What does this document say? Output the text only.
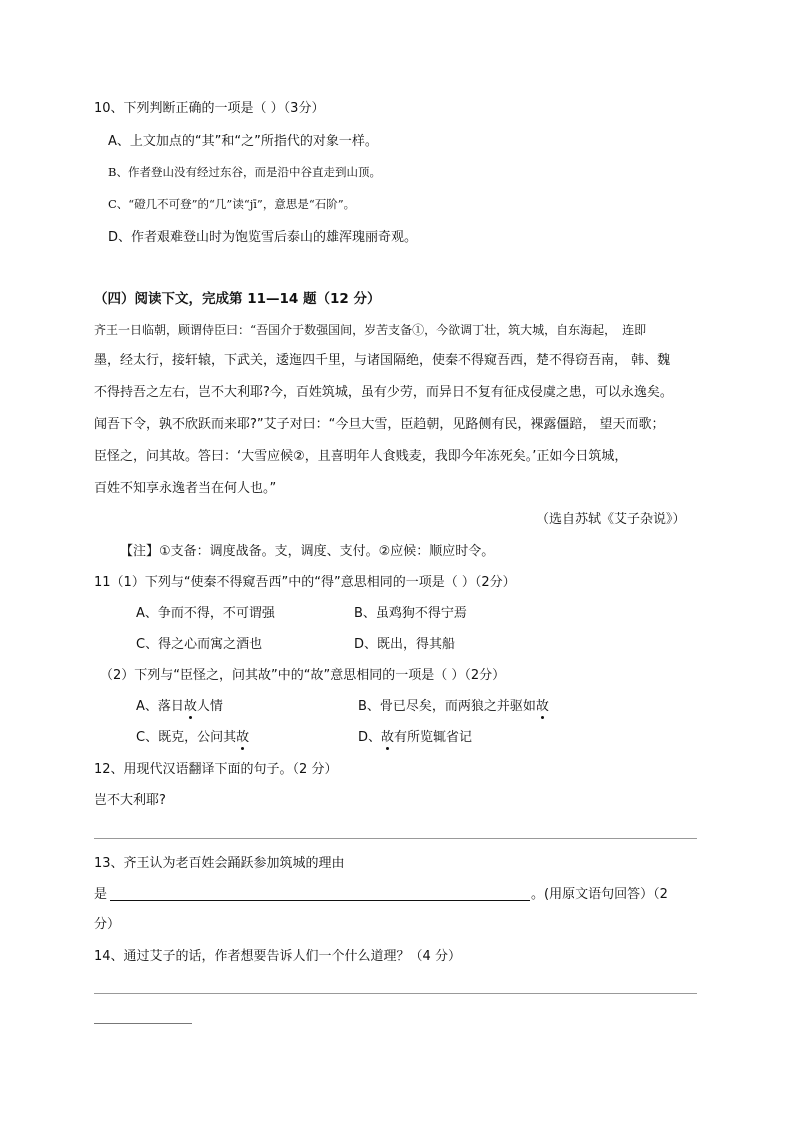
10、下列判断正确的一项是（ ）（3分）
A、上文加点的“其”和“之”所指代的对象一样。
B、作者登山没有经过东谷，而是沿中谷直走到山顶。
C、“磴几不可登”的“几”读“jī”，意思是“石阶”。
D、作者艰难登山时为饱览雪后泰山的雄浑瑰丽奇观。
（四）阅读下文，完成第 11—14 题（12 分）
齐王一日临朝，顾谓侍臣曰：“吾国介于数强国间，岁苦支备①，今欲调丁壮，筑大城，自东海起，　连即
墨，经太行，接轩辕，下武关，逶迤四千里，与诸国隔绝，使秦不得窥吾西，楚不得窃吾南， 韩、魏
不得持吾之左右，岂不大利耶?今，百姓筑城，虽有少劳，而异日不复有征戍侵虞之患，可以永逸矣。
闻吾下令，孰不欣跃而来耶?”艾子对曰：“今旦大雪，臣趋朝，见路侧有民，裸露僵踣， 望天而歌；
臣怪之，问其故。答曰：‘大雪应候②，且喜明年人食贱麦，我即今年冻死矣。’正如今日筑城，
百姓不知享永逸者当在何人也。”
（选自苏轼《艾子杂说》）
【注】①支备：调度战备。支，调度、支付。②应候：顺应时令。
11（1）下列与“使秦不得窥吾西”中的“得”意思相同的一项是（ ）（2分）
A、争而不得，不可谓强	B、虽鸡狗不得宁焉
C、得之心而寓之酒也	D、既出，得其船
（2）下列与“臣怪之，问其故”中的“故”意思相同的一项是（ ）（2分）
A、落日故人情	B、骨已尽矣，而两狼之并驱如故
C、既克，公问其故	D、故有所览辄省记
12、用现代汉语翻译下面的句子。（2 分）
岂不大利耶?
13、齐王认为老百姓会踊跃参加筑城的理由
是	。(用原文语句回答）（2
分）
14、通过艾子的话，作者想要告诉人们一个什么道理？（4 分）
